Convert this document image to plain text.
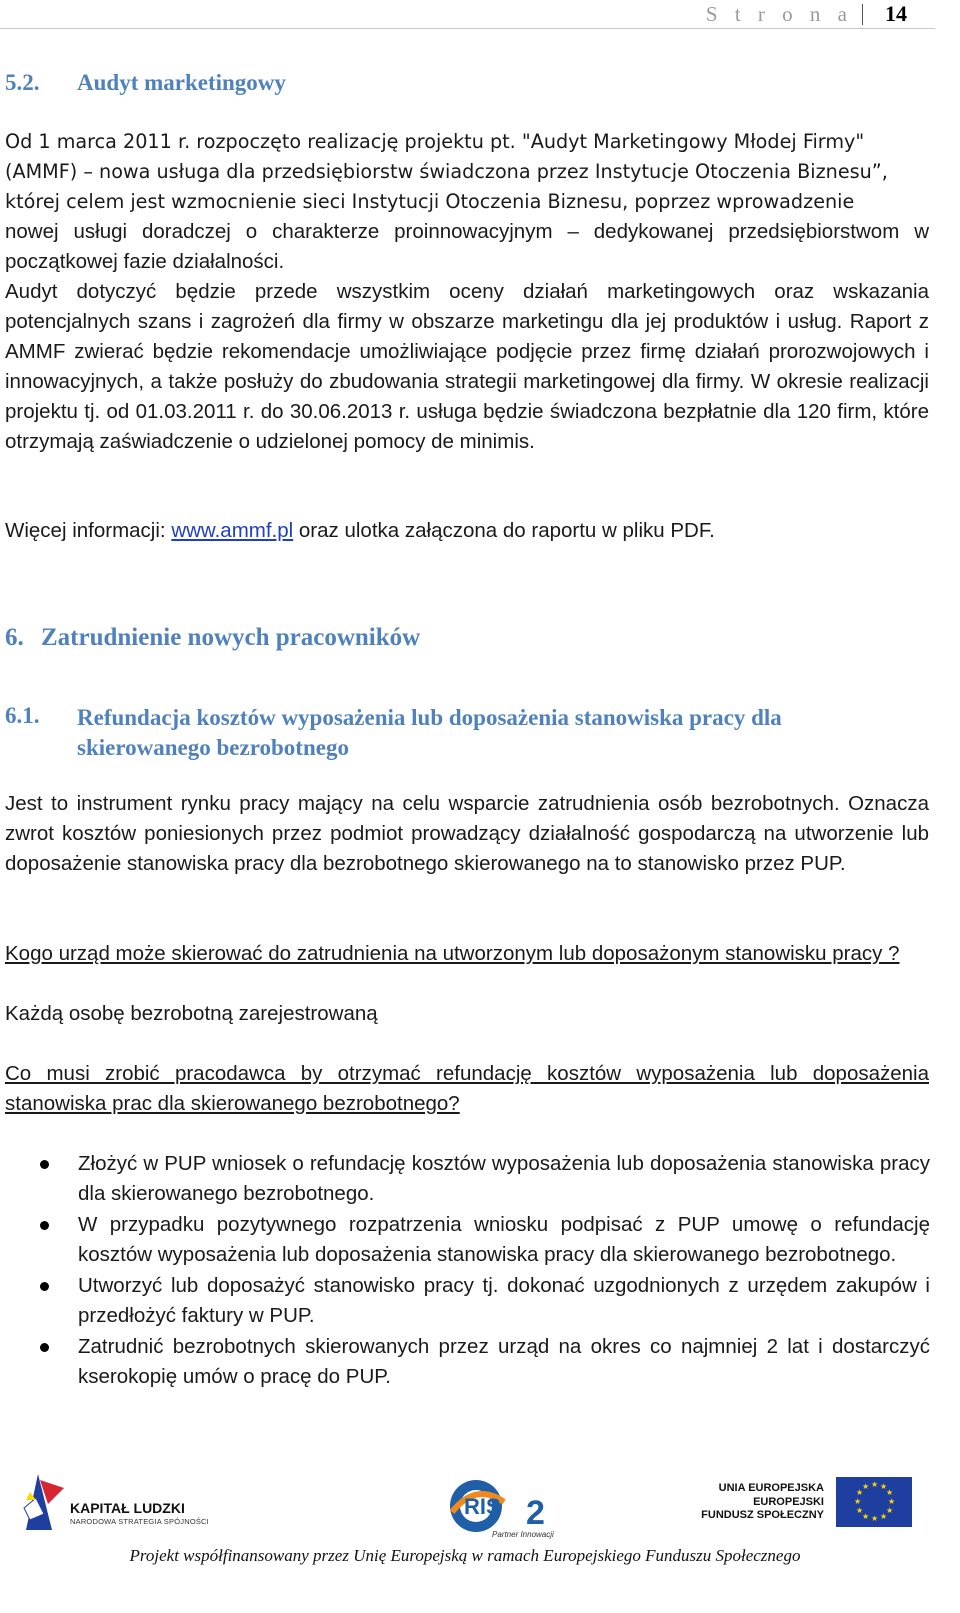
S t r o n a 14
5.2. Audyt marketingowy
Od 1 marca 2011 r. rozpoczęto realizację projektu pt. "Audyt Marketingowy Młodej Firmy"
(AMMF) – nowa usługa dla przedsiębiorstw świadczona przez Instytucje Otoczenia Biznesu”,
której celem jest wzmocnienie sieci Instytucji Otoczenia Biznesu, poprzez wprowadzenie

nowej usługi doradczej o charakterze proinnowacyjnym – dedykowanej przedsiębiorstwom w początkowej fazie działalności.

Audyt dotyczyć będzie przede wszystkim oceny działań marketingowych oraz wskazania potencjalnych szans i zagrożeń dla firmy w obszarze marketingu dla jej produktów i usług. Raport z AMMF zwierać będzie rekomendacje umożliwiające podjęcie przez firmę działań prorozwojowych i innowacyjnych, a także posłuży do zbudowania strategii marketingowej dla firmy. W okresie realizacji projektu tj. od 01.03.2011 r. do 30.06.2013 r. usługa będzie świadczona bezpłatnie dla 120 firm, które otrzymają zaświadczenie o udzielonej pomocy de minimis.

Więcej informacji: www.ammf.pl oraz ulotka załączona do raportu w pliku PDF.

6. Zatrudnienie nowych pracowników
6.1. Refundacja kosztów wyposażenia lub doposażenia stanowiska pracy dla
skierowanego bezrobotnego

Jest to instrument rynku pracy mający na celu wsparcie zatrudnienia osób bezrobotnych. Oznacza zwrot kosztów poniesionych przez podmiot prowadzący działalność gospodarczą na utworzenie lub doposażenie stanowiska pracy dla bezrobotnego skierowanego na to stanowisko przez PUP.

Kogo urząd może skierować do zatrudnienia na utworzonym lub doposażonym stanowisku pracy ?

Każdą osobę bezrobotną zarejestrowaną

Co musi zrobić pracodawca by otrzymać refundację kosztów wyposażenia lub doposażenia stanowiska prac dla skierowanego bezrobotnego?

Złożyć w PUP wniosek o refundację kosztów wyposażenia lub doposażenia stanowiska pracy dla skierowanego bezrobotnego.
W przypadku pozytywnego rozpatrzenia wniosku podpisać z PUP umowę o refundację kosztów wyposażenia lub doposażenia stanowiska pracy dla skierowanego bezrobotnego.
Utworzyć lub doposażyć stanowisko pracy tj. dokonać uzgodnionych z urzędem zakupów i przedłożyć faktury w PUP.
Zatrudnić bezrobotnych skierowanych przez urząd na okres co najmniej 2 lat i dostarczyć kserokopię umów o pracę do PUP.
KAPITAŁ LUDZKI
NARODOWA STRATEGIA SPÓJNOŚCI
RIS 2
Partner Innowacji
UNIA EUROPEJSKA
EUROPEJSKI
FUNDUSZ SPOŁECZNY
★ ★
★
★
★
★
★
★
★
★
★
★
Projekt współfinansowany przez Unię Europejską w ramach Europejskiego Funduszu Społecznego
